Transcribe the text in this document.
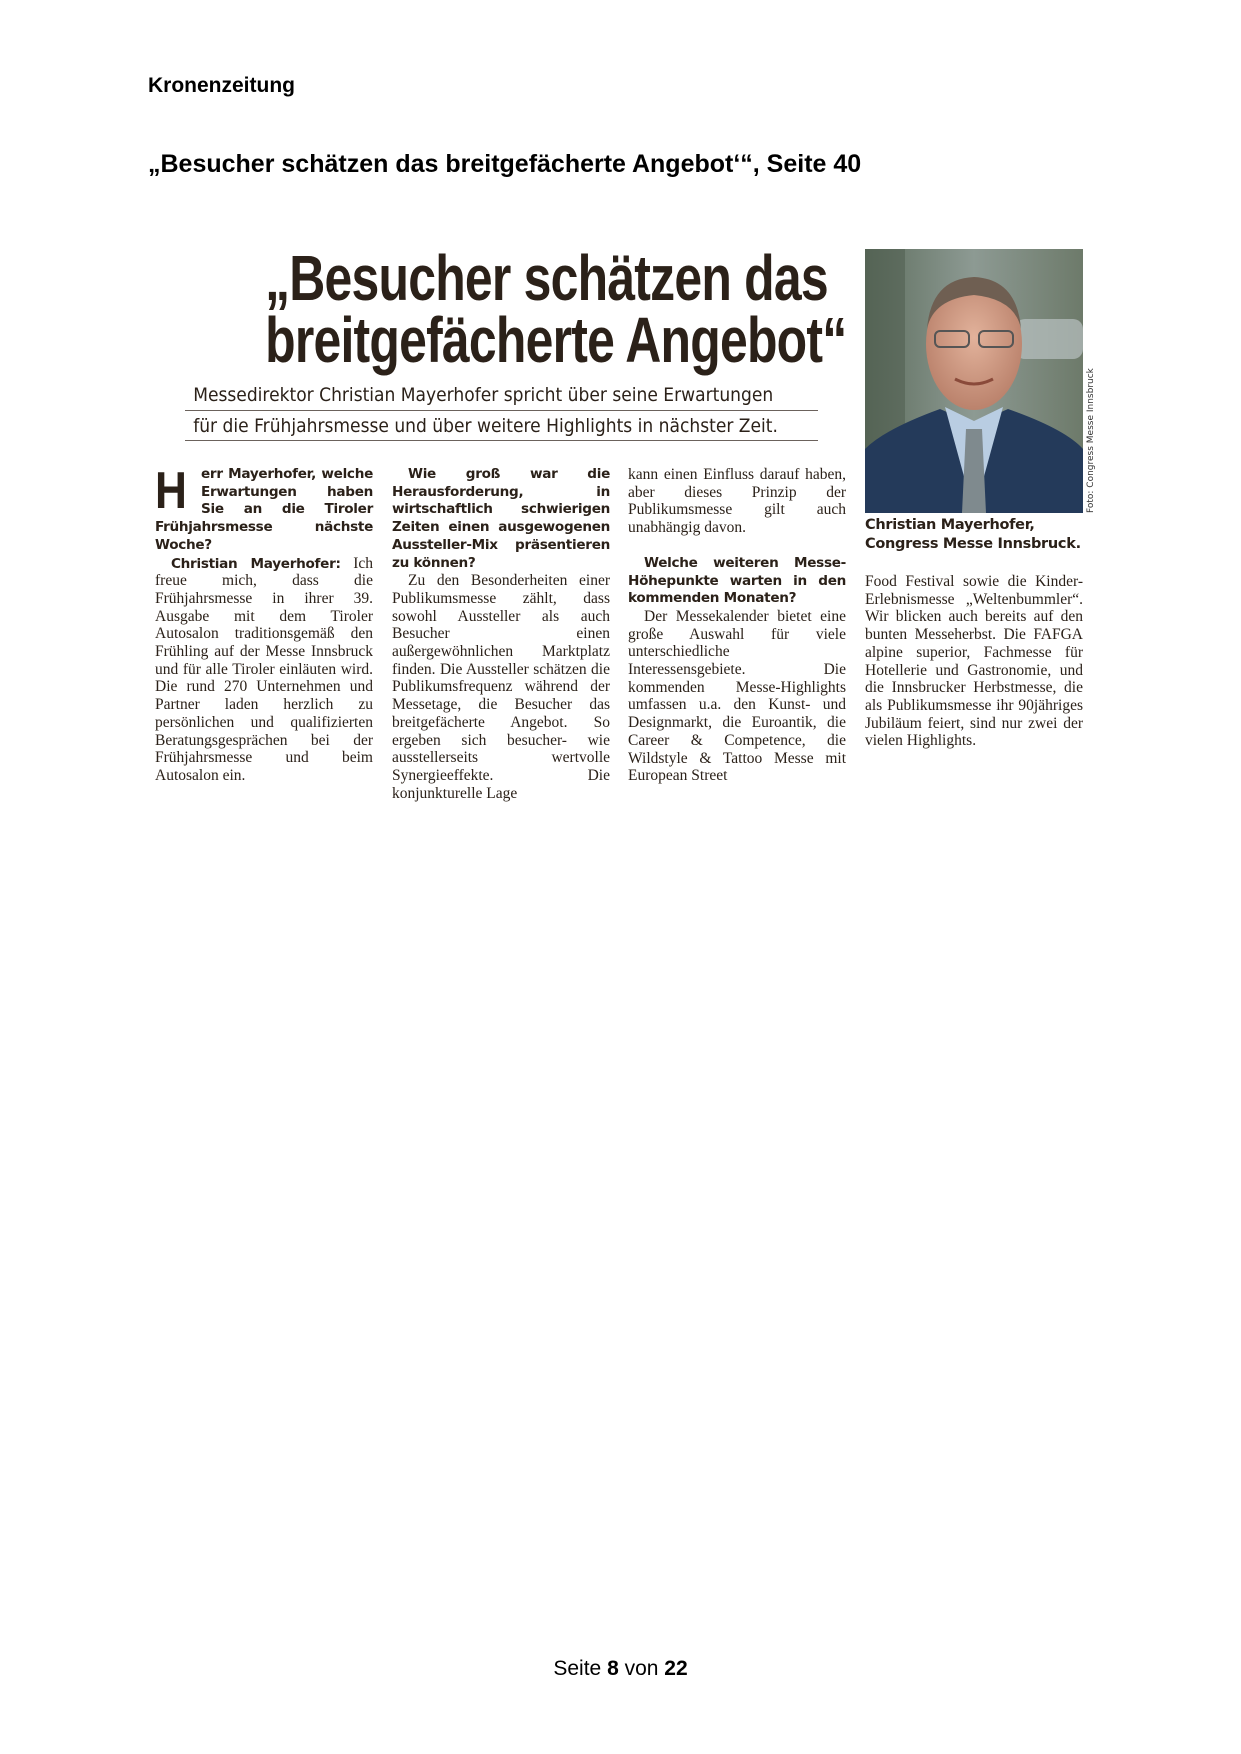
Kronenzeitung
„Besucher schätzen das breitgefächerte Angebot‘“, Seite 40
„Besucher schätzen das
breitgefächerte Angebot“
Messedirektor Christian Mayerhofer spricht über seine Erwartungen
für die Frühjahrsmesse und über weitere Highlights in nächster Zeit.	Foto: Congress Messe Innsbruck
Christian Mayerhofer,
Congress Messe Innsbruck.

H err Mayerhofer, welche Erwartungen haben Sie an die Tiroler Frühjahrsmesse nächste Woche?

Christian Mayerhofer: Ich freue mich, dass die Frühjahrsmesse in ihrer 39. Ausgabe mit dem Tiroler Autosalon traditionsgemäß den Frühling auf der Messe Innsbruck und für alle Tiroler einläuten wird. Die rund 270 Unternehmen und Partner laden herzlich zu persönlichen und qualifizierten Beratungsgesprächen bei der Frühjahrsmesse und beim Autosalon ein.

Wie groß war die Herausforderung, in wirtschaftlich schwierigen Zeiten einen ausgewogenen Aussteller-Mix präsentieren zu können?

Zu den Besonderheiten einer Publikumsmesse zählt, dass sowohl Aussteller als auch Besucher einen außergewöhnlichen Marktplatz finden. Die Aussteller schätzen die Publikumsfrequenz während der Messetage, die Besucher das breitgefächerte Angebot. So ergeben sich besucher- wie ausstellerseits wertvolle Synergieeffekte. Die konjunkturelle Lage

kann einen Einfluss darauf haben, aber dieses Prinzip der Publikumsmesse gilt auch unabhängig davon.

Welche weiteren Messe-Höhepunkte warten in den kommenden Monaten?

Der Messekalender bietet eine große Auswahl für viele unterschiedliche Interessensgebiete. Die kommenden Messe-Highlights umfassen u.a. den Kunst- und Designmarkt, die Euroantik, die Career & Competence, die Wildstyle & Tattoo Messe mit European Street

Food Festival sowie die Kinder-Erlebnismesse „Weltenbummler“. Wir blicken auch bereits auf den bunten Messeherbst. Die FAFGA alpine superior, Fachmesse für Hotellerie und Gastronomie, und die Innsbrucker Herbstmesse, die als Publikumsmesse ihr 90jähriges Jubiläum feiert, sind nur zwei der vielen Highlights.

Seite 8 von 22
